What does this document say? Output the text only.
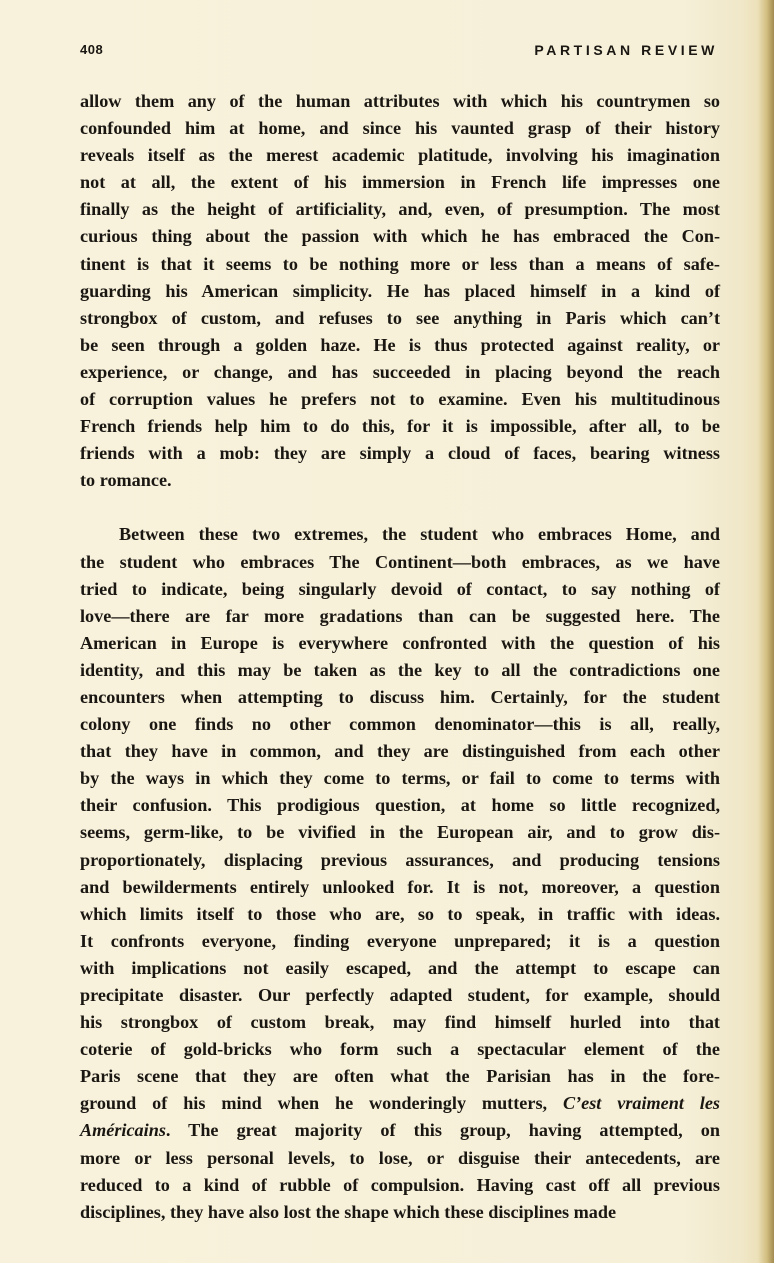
408	PARTISAN REVIEW

allow them any of the human attributes with which his countrymen so
confounded him at home, and since his vaunted grasp of their history
reveals itself as the merest academic platitude, involving his imagination
not at all, the extent of his immersion in French life impresses one
finally as the height of artificiality, and, even, of presumption. The most
curious thing about the passion with which he has embraced the Con-
tinent is that it seems to be nothing more or less than a means of safe-
guarding his American simplicity. He has placed himself in a kind of
strongbox of custom, and refuses to see anything in Paris which can’t
be seen through a golden haze. He is thus protected against reality, or
experience, or change, and has succeeded in placing beyond the reach
of corruption values he prefers not to examine. Even his multitudinous
French friends help him to do this, for it is impossible, after all, to be
friends with a mob: they are simply a cloud of faces, bearing witness
to romance.

Between these two extremes, the student who embraces Home, and
the student who embraces The Continent—both embraces, as we have
tried to indicate, being singularly devoid of contact, to say nothing of
love—there are far more gradations than can be suggested here. The
American in Europe is everywhere confronted with the question of his
identity, and this may be taken as the key to all the contradictions one
encounters when attempting to discuss him. Certainly, for the student
colony one finds no other common denominator—this is all, really,
that they have in common, and they are distinguished from each other
by the ways in which they come to terms, or fail to come to terms with
their confusion. This prodigious question, at home so little recognized,
seems, germ-like, to be vivified in the European air, and to grow dis-
proportionately, displacing previous assurances, and producing tensions
and bewilderments entirely unlooked for. It is not, moreover, a question
which limits itself to those who are, so to speak, in traffic with ideas.
It confronts everyone, finding everyone unprepared; it is a question
with implications not easily escaped, and the attempt to escape can
precipitate disaster. Our perfectly adapted student, for example, should
his strongbox of custom break, may find himself hurled into that
coterie of gold-bricks who form such a spectacular element of the
Paris scene that they are often what the Parisian has in the fore-
ground of his mind when he wonderingly mutters, C’est vraiment les
Américains. The great majority of this group, having attempted, on
more or less personal levels, to lose, or disguise their antecedents, are
reduced to a kind of rubble of compulsion. Having cast off all previous
disciplines, they have also lost the shape which these disciplines made
